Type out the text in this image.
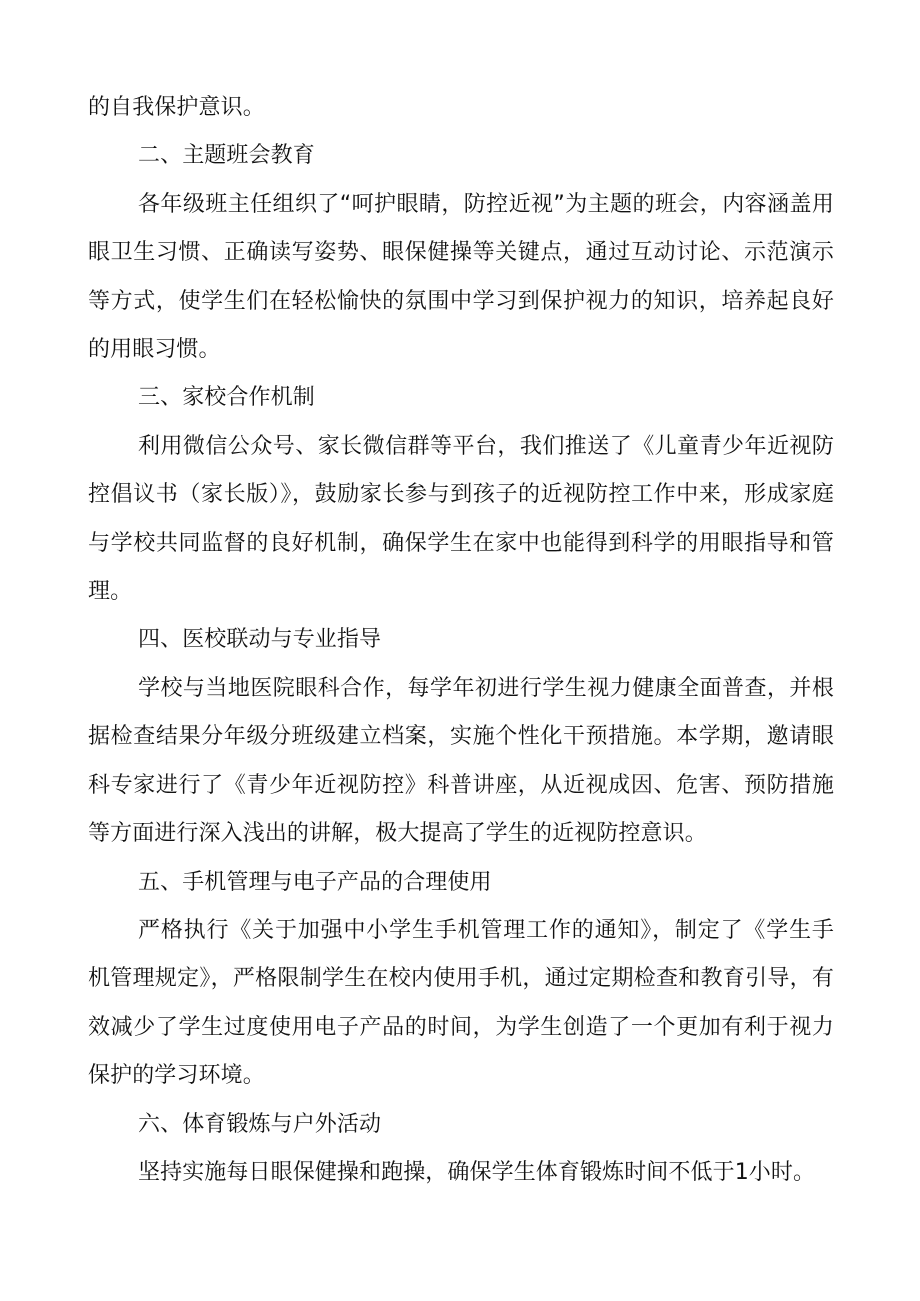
的自我保护意识。

二、主题班会教育

各年级班主任组织了“呵护眼睛，防控近视”为主题的班会，内容涵盖用眼卫生习惯、正确读写姿势、眼保健操等关键点，通过互动讨论、示范演示等方式，使学生们在轻松愉快的氛围中学习到保护视力的知识，培养起良好的用眼习惯。

三、家校合作机制

利用微信公众号、家长微信群等平台，我们推送了《儿童青少年近视防控倡议书（家长版）》，鼓励家长参与到孩子的近视防控工作中来，形成家庭与学校共同监督的良好机制，确保学生在家中也能得到科学的用眼指导和管理。

四、医校联动与专业指导

学校与当地医院眼科合作，每学年初进行学生视力健康全面普查，并根据检查结果分年级分班级建立档案，实施个性化干预措施。本学期，邀请眼科专家进行了《青少年近视防控》科普讲座，从近视成因、危害、预防措施等方面进行深入浅出的讲解，极大提高了学生的近视防控意识。

五、手机管理与电子产品的合理使用

严格执行《关于加强中小学生手机管理工作的通知》，制定了《学生手机管理规定》，严格限制学生在校内使用手机，通过定期检查和教育引导，有效减少了学生过度使用电子产品的时间，为学生创造了一个更加有利于视力保护的学习环境。

六、体育锻炼与户外活动

坚持实施每日眼保健操和跑操，确保学生体育锻炼时间不低于1小时。
